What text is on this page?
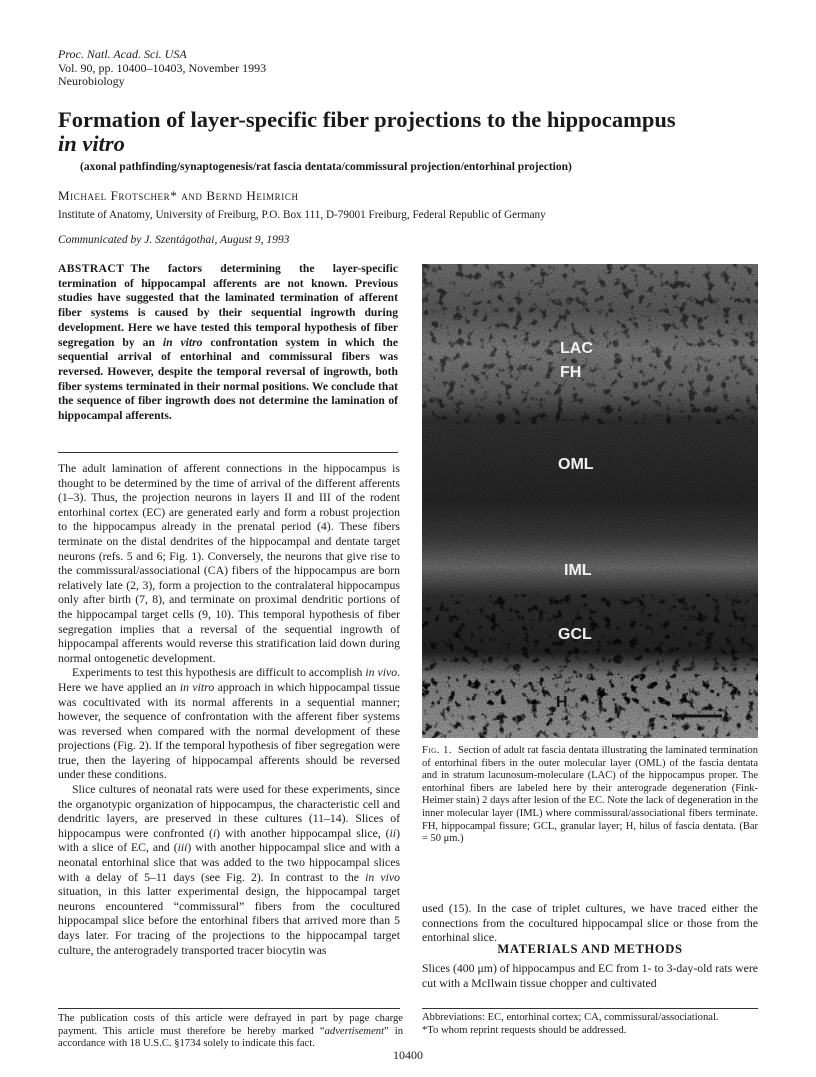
Proc. Natl. Acad. Sci. USA
Vol. 90, pp. 10400–10403, November 1993
Neurobiology
Formation of layer-specific fiber projections to the hippocampus
in vitro
(axonal pathfinding/synaptogenesis/rat fascia dentata/commissural projection/entorhinal projection)
Michael Frotscher* and Bernd Heimrich
Institute of Anatomy, University of Freiburg, P.O. Box 111, D-79001 Freiburg, Federal Republic of Germany
Communicated by J. Szentágothai, August 9, 1993
ABSTRACT The factors determining the layer-specific termination of hippocampal afferents are not known. Previous studies have suggested that the laminated termination of afferent fiber systems is caused by their sequential ingrowth during development. Here we have tested this temporal hypothesis of fiber segregation by an in vitro confrontation system in which the sequential arrival of entorhinal and commissural fibers was reversed. However, despite the temporal reversal of ingrowth, both fiber systems terminated in their normal positions. We conclude that the sequence of fiber ingrowth does not determine the lamination of hippocampal afferents.

The adult lamination of afferent connections in the hippocampus is thought to be determined by the time of arrival of the different afferents (1–3). Thus, the projection neurons in layers II and III of the rodent entorhinal cortex (EC) are generated early and form a robust projection to the hippocampus already in the prenatal period (4). These fibers terminate on the distal dendrites of the hippocampal and dentate target neurons (refs. 5 and 6; Fig. 1). Conversely, the neurons that give rise to the commissural/associational (CA) fibers of the hippocampus are born relatively late (2, 3), form a projection to the contralateral hippocampus only after birth (7, 8), and terminate on proximal dendritic portions of the hippocampal target cells (9, 10). This temporal hypothesis of fiber segregation implies that a reversal of the sequential ingrowth of hippocampal afferents would reverse this stratification laid down during normal ontogenetic development.

Experiments to test this hypothesis are difficult to accomplish in vivo. Here we have applied an in vitro approach in which hippocampal tissue was cocultivated with its normal afferents in a sequential manner; however, the sequence of confrontation with the afferent fiber systems was reversed when compared with the normal development of these projections (Fig. 2). If the temporal hypothesis of fiber segregation were true, then the layering of hippocampal afferents should be reversed under these conditions.

Slice cultures of neonatal rats were used for these experiments, since the organotypic organization of hippocampus, the characteristic cell and dendritic layers, are preserved in these cultures (11–14). Slices of hippocampus were confronted (i) with another hippocampal slice, (ii) with a slice of EC, and (iii) with another hippocampal slice and with a neonatal entorhinal slice that was added to the two hippocampal slices with a delay of 5–11 days (see Fig. 2). In contrast to the in vivo situation, in this latter experimental design, the hippocampal target neurons encountered “commissural” fibers from the cocultured hippocampal slice before the entorhinal fibers that arrived more than 5 days later. For tracing of the projections to the hippocampal target culture, the anterogradely transported tracer biocytin was

The publication costs of this article were defrayed in part by page charge payment. This article must therefore be hereby marked “advertisement” in accordance with 18 U.S.C. §1734 solely to indicate this fact.
LAC
FH
OML
IML
GCL
H
Fig. 1. Section of adult rat fascia dentata illustrating the laminated termination of entorhinal fibers in the outer molecular layer (OML) of the fascia dentata and in stratum lacunosum-moleculare (LAC) of the hippocampus proper. The entorhinal fibers are labeled here by their anterograde degeneration (Fink-Heimer stain) 2 days after lesion of the EC. Note the lack of degeneration in the inner molecular layer (IML) where commissural/associational fibers terminate. FH, hippocampal fissure; GCL, granular layer; H, hilus of fascia dentata. (Bar = 50 μm.)
used (15). In the case of triplet cultures, we have traced either the connections from the cocultured hippocampal slice or those from the entorhinal slice.
MATERIALS AND METHODS
Slices (400 μm) of hippocampus and EC from 1- to 3-day-old rats were cut with a McIlwain tissue chopper and cultivated
Abbreviations: EC, entorhinal cortex; CA, commissural/associational.
*To whom reprint requests should be addressed.
10400
